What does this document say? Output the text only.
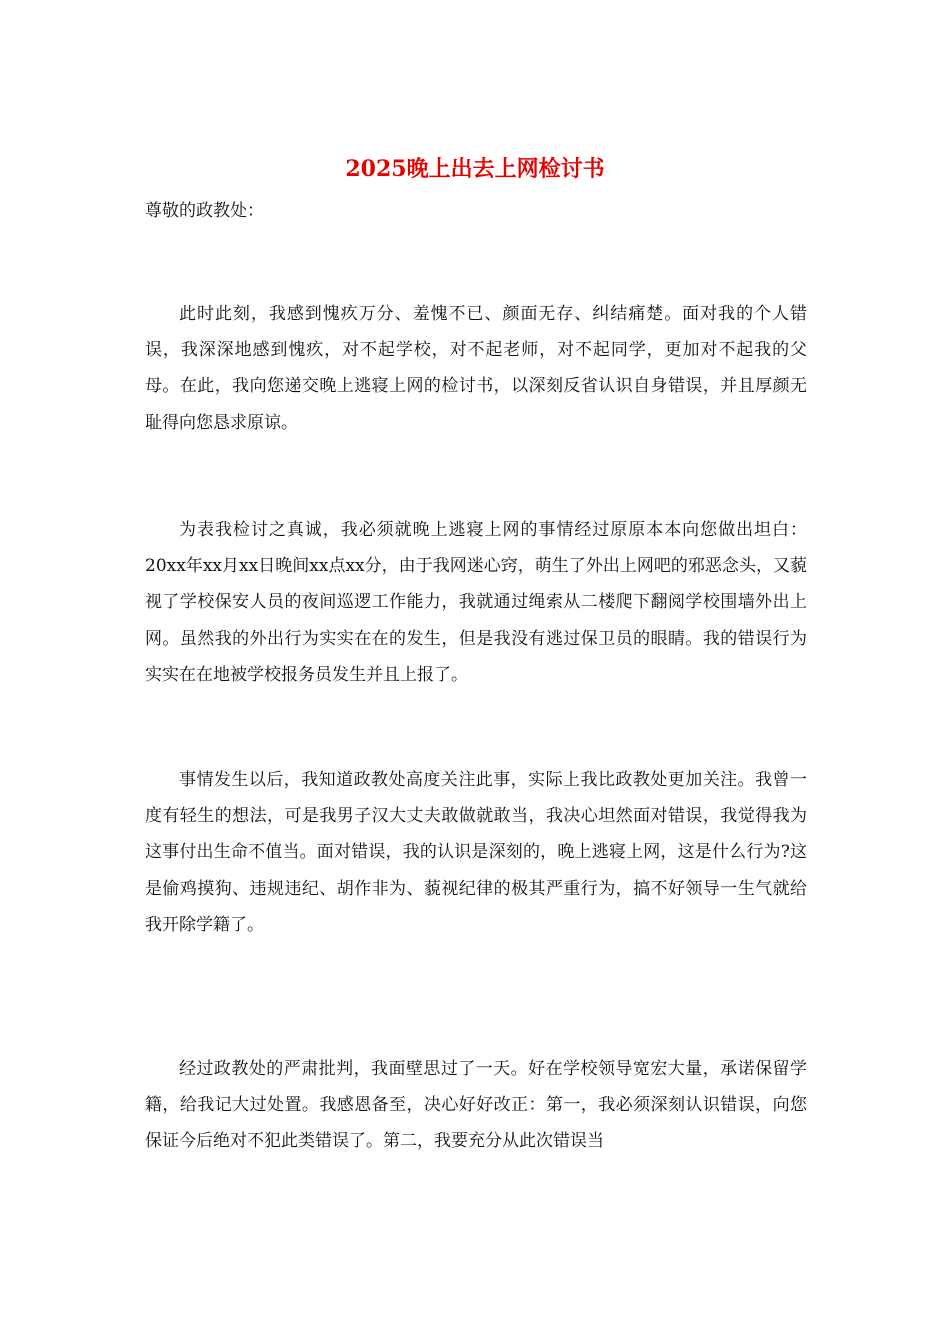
2025晚上出去上网检讨书
尊敬的政教处：

此时此刻，我感到愧疚万分、羞愧不已、颜面无存、纠结痛楚。面对我的个人错误，我深深地感到愧疚，对不起学校，对不起老师，对不起同学，更加对不起我的父母。在此，我向您递交晚上逃寝上网的检讨书，以深刻反省认识自身错误，并且厚颜无耻得向您恳求原谅。

为表我检讨之真诚，我必须就晚上逃寝上网的事情经过原原本本向您做出坦白：20xx年xx月xx日晚间xx点xx分，由于我网迷心窍，萌生了外出上网吧的邪恶念头，又藐视了学校保安人员的夜间巡逻工作能力，我就通过绳索从二楼爬下翻阅学校围墙外出上网。虽然我的外出行为实实在在的发生，但是我没有逃过保卫员的眼睛。我的错误行为实实在在地被学校报务员发生并且上报了。

事情发生以后，我知道政教处高度关注此事，实际上我比政教处更加关注。我曾一度有轻生的想法，可是我男子汉大丈夫敢做就敢当，我决心坦然面对错误，我觉得我为这事付出生命不值当。面对错误，我的认识是深刻的，晚上逃寝上网，这是什么行为?这是偷鸡摸狗、违规违纪、胡作非为、藐视纪律的极其严重行为，搞不好领导一生气就给我开除学籍了。

经过政教处的严肃批判，我面壁思过了一天。好在学校领导宽宏大量，承诺保留学籍，给我记大过处置。我感恩备至，决心好好改正：第一，我必须深刻认识错误，向您保证今后绝对不犯此类错误了。第二，我要充分从此次错误当
